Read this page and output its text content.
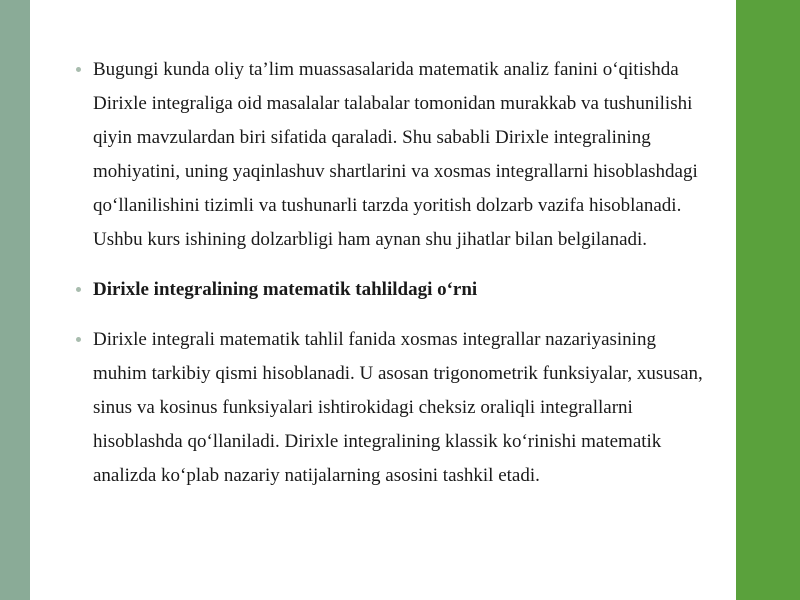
Bugungi kunda oliy ta’lim muassasalarida matematik analiz fanini o‘qitishda Dirixle integraliga oid masalalar talabalar tomonidan murakkab va tushunilishi qiyin mavzulardan biri sifatida qaraladi. Shu sababli Dirixle integralining mohiyatini, uning yaqinlashuv shartlarini va xosmas integrallarni hisoblashdagi qo‘llanilishini tizimli va tushunarli tarzda yoritish dolzarb vazifa hisoblanadi. Ushbu kurs ishining dolzarbligi ham aynan shu jihatlar bilan belgilanadi.
Dirixle integralining matematik tahlildagi o‘rni
Dirixle integrali matematik tahlil fanida xosmas integrallar nazariyasining muhim tarkibiy qismi hisoblanadi. U asosan trigonometrik funksiyalar, xususan, sinus va kosinus funksiyalari ishtirokidagi cheksiz oraliqli integrallarni hisoblashda qo‘llaniladi. Dirixle integralining klassik ko‘rinishi matematik analizda ko‘plab nazariy natijalarning asosini tashkil etadi.
